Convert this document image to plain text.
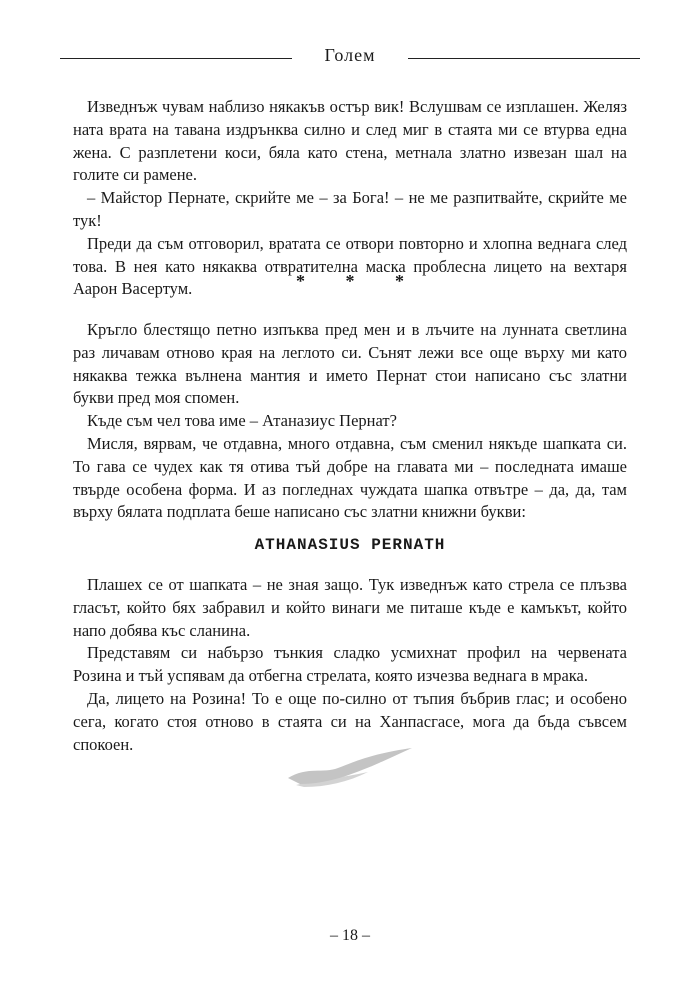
Голем

Изведнъж чувам наблизо някакъв остър вик! Вслушвам се изплашен. Желяз ната врата на тавана издрънква силно и след миг в стаята ми се втурва една жена. С разплетени коси, бяла като стена, метнала златно извезан шал на голите си рамене.

– Майстор Пернате, скрийте ме – за Бога! – не ме разпитвайте, скрийте ме тук!

Преди да съм отговорил, вратата се отвори повторно и хлопна веднага след това. В нея като някаква отвратителна маска проблесна лицето на вехтаря Аарон Васертум.	* * *

Кръгло блестящо петно изпъква пред мен и в лъчите на лунната светлина раз личавам отново края на леглото си. Сънят лежи все още върху ми като някаква тежка вълнена мантия и името Пернат стои написано със златни букви пред моя спомен.

Къде съм чел това име – Атаназиус Пернат?

Мисля, вярвам, че отдавна, много отдавна, съм сменил някъде шапката си. То гава се чудех как тя отива тъй добре на главата ми – последната имаше твърде особена форма. И аз погледнах чуждата шапка отвътре – да, да, там върху бялата подплата беше написано със златни книжни букви:

ATHANASIUS PERNATH

Плашех се от шапката – не зная защо. Тук изведнъж като стрела се плъзва гласът, който бях забравил и който винаги ме питаше къде е камъкът, който напо добява къс сланина.

Представям си набързо тънкия сладко усмихнат профил на червената Розина и тъй успявам да отбегна стрелата, която изчезва веднага в мрака.

Да, лицето на Розина! То е още по-силно от тъпия бъбрив глас; и особено сега, когато стоя отново в стаята си на Ханпасгасе, мога да бъда съвсем спокоен.

– 18 –
